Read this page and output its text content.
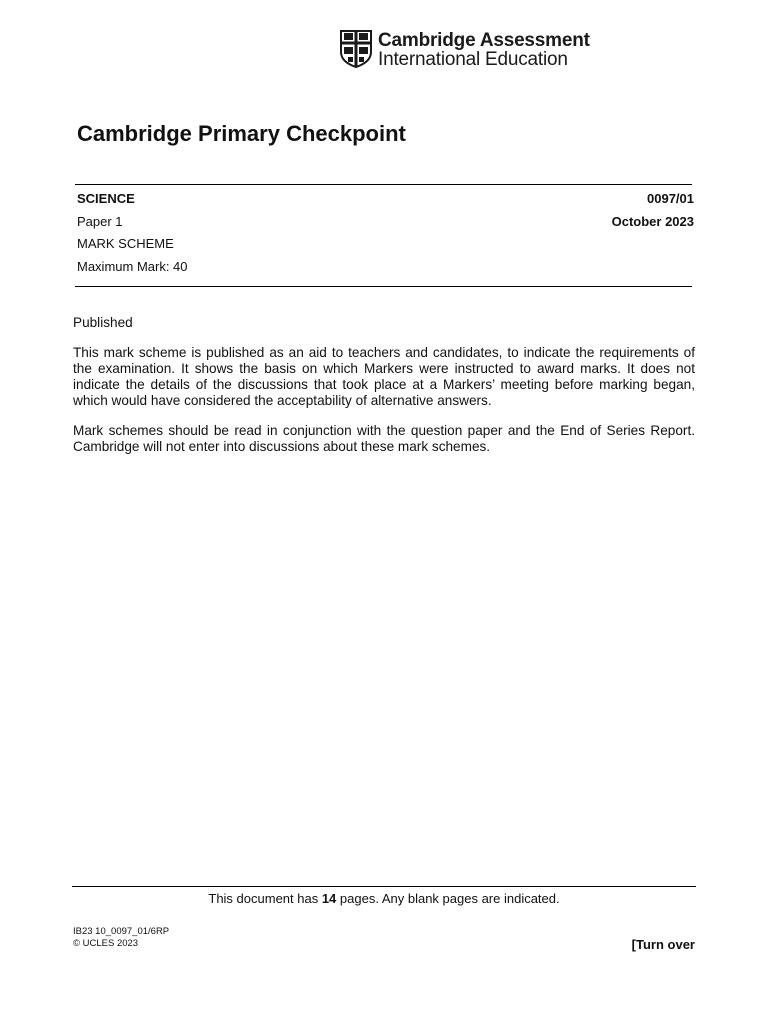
Cambridge Assessment
International Education
Cambridge Primary Checkpoint
SCIENCE	0097/01
Paper 1	October 2023
MARK SCHEME
Maximum Mark: 40
Published
This mark scheme is published as an aid to teachers and candidates, to indicate the requirements of the examination. It shows the basis on which Markers were instructed to award marks. It does not indicate the details of the discussions that took place at a Markers’ meeting before marking began, which would have considered the acceptability of alternative answers.
Mark schemes should be read in conjunction with the question paper and the End of Series Report. Cambridge will not enter into discussions about these mark schemes.
This document has 14 pages. Any blank pages are indicated.
IB23 10_0097_01/6RP
© UCLES 2023	[Turn over
